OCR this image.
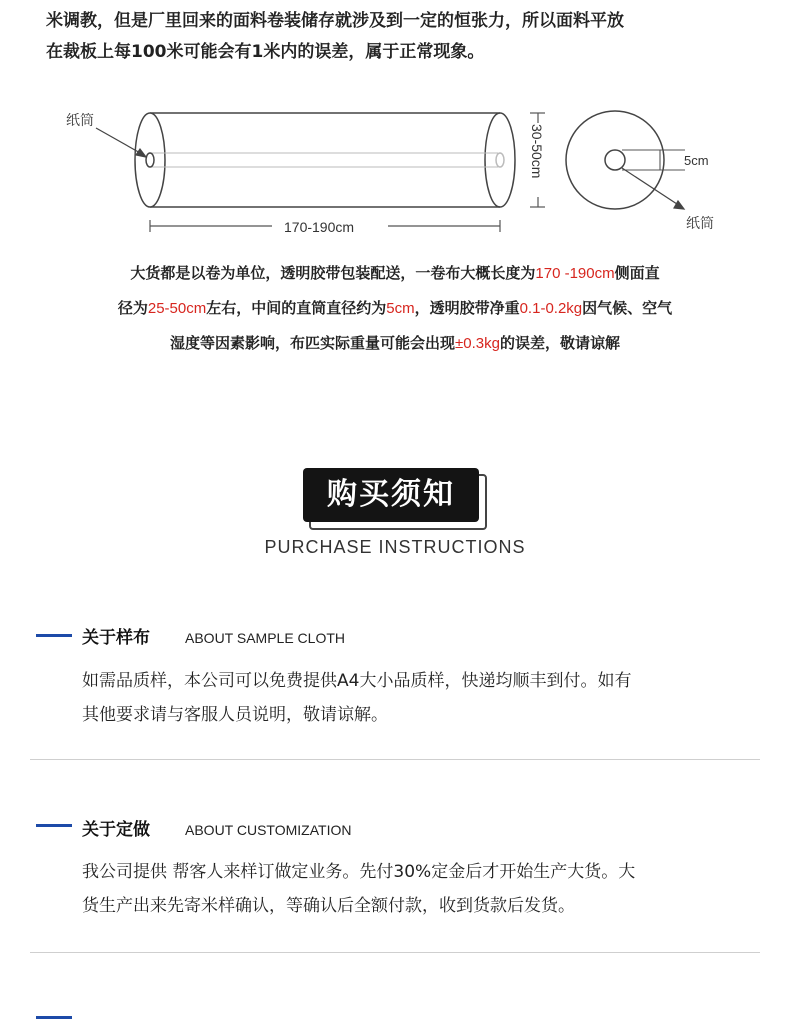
米调教，但是厂里回来的面料卷装储存就涉及到一定的恒张力，所以面料平放
在裁板上每100米可能会有1米内的误差，属于正常现象。
纸筒
170-190cm
30-50cm	5cm
纸筒
大货都是以卷为单位，透明胶带包装配送，一卷布大概长度为170 -190cm侧面直
径为25-50cm左右，中间的直筒直径约为5cm，透明胶带净重0.1-0.2kg因气候、空气
湿度等因素影响，布匹实际重量可能会出现±0.3kg的误差，敬请谅解
购买须知
PURCHASE INSTRUCTIONS
关于样布	ABOUT SAMPLE CLOTH
如需品质样，本公司可以免费提供A4大小品质样，快递均顺丰到付。如有
其他要求请与客服人员说明，敬请谅解。
关于定做	ABOUT CUSTOMIZATION
我公司提供 帮客人来样订做定业务。先付30%定金后才开始生产大货。大
货生产出来先寄米样确认，等确认后全额付款，收到货款后发货。
